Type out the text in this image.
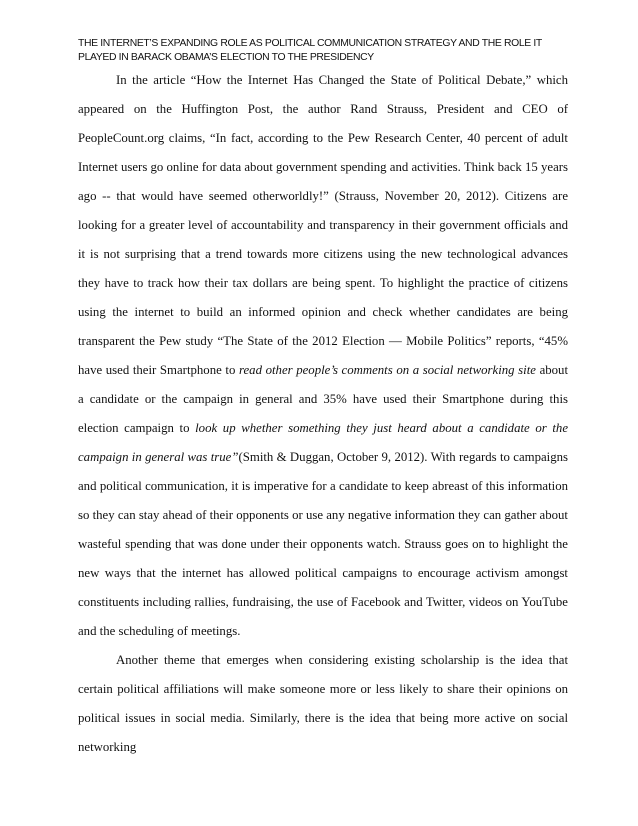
THE INTERNET’S EXPANDING ROLE AS POLITICAL COMMUNICATION STRATEGY AND THE ROLE IT PLAYED IN BARACK OBAMA’S ELECTION TO THE PRESIDENCY

In the article “How the Internet Has Changed the State of Political Debate,” which appeared on the Huffington Post, the author Rand Strauss, President and CEO of PeopleCount.org claims, “In fact, according to the Pew Research Center, 40 percent of adult Internet users go online for data about government spending and activities. Think back 15 years ago -- that would have seemed otherworldly!” (Strauss, November 20, 2012). Citizens are looking for a greater level of accountability and transparency in their government officials and it is not surprising that a trend towards more citizens using the new technological advances they have to track how their tax dollars are being spent. To highlight the practice of citizens using the internet to build an informed opinion and check whether candidates are being transparent the Pew study “The State of the 2012 Election — Mobile Politics” reports, “45% have used their Smartphone to read other people’s comments on a social networking site about a candidate or the campaign in general and 35% have used their Smartphone during this election campaign to look up whether something they just heard about a candidate or the campaign in general was true”(Smith & Duggan, October 9, 2012). With regards to campaigns and political communication, it is imperative for a candidate to keep abreast of this information so they can stay ahead of their opponents or use any negative information they can gather about wasteful spending that was done under their opponents watch. Strauss goes on to highlight the new ways that the internet has allowed political campaigns to encourage activism amongst constituents including rallies, fundraising, the use of Facebook and Twitter, videos on YouTube and the scheduling of meetings.

Another theme that emerges when considering existing scholarship is the idea that certain political affiliations will make someone more or less likely to share their opinions on political issues in social media. Similarly, there is the idea that being more active on social networking
